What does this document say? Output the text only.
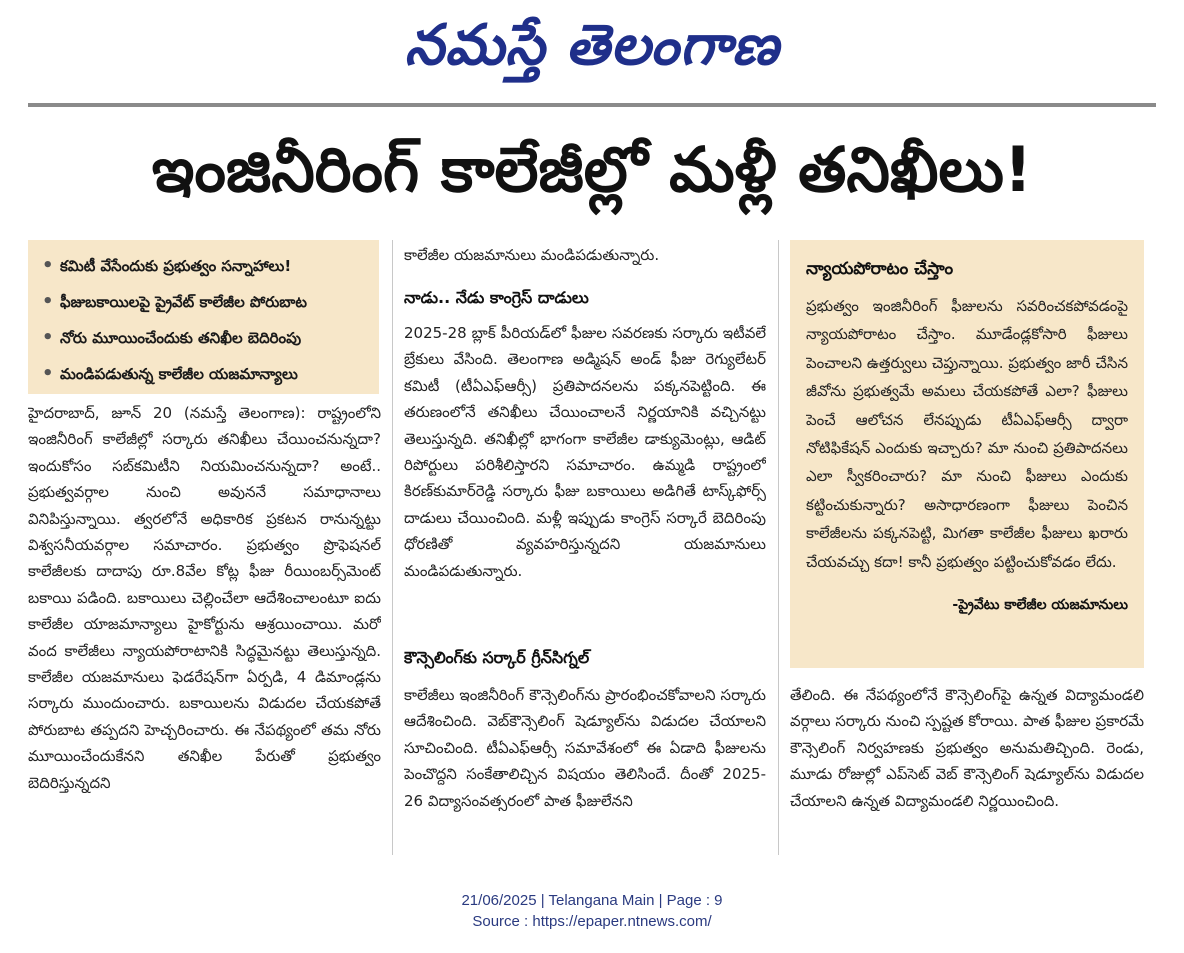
నమస్తే తెలంగాణ
ఇంజినీరింగ్ కాలేజీల్లో మళ్లీ తనిఖీలు!
• కమిటీ వేసేందుకు ప్రభుత్వం సన్నాహాలు!
• ఫీజుబకాయిలపై ప్రైవేట్ కాలేజీల పోరుబాట
• నోరు మూయించేందుకు తనిఖీల బెదిరింపు
• మండిపడుతున్న కాలేజీల యజమాన్యాలు

హైదరాబాద్, జూన్ 20 (నమస్తే తెలంగాణ): రాష్ట్రంలోని ఇంజినీరింగ్ కాలేజీల్లో సర్కారు తనిఖీలు చేయించనున్నదా? ఇందుకోసం సబ్‌కమిటీని నియమించనున్నదా? అంటే.. ప్రభుత్వవర్గాల నుంచి అవుననే సమాధానాలు వినిపిస్తున్నాయి. త్వరలోనే అధికారిక ప్రకటన రానున్నట్టు విశ్వసనీయవర్గాల సమాచారం. ప్రభుత్వం ప్రొఫెషనల్ కాలేజీలకు దాదాపు రూ.8వేల కోట్ల ఫీజు రీయింబర్స్‌మెంట్ బకాయి పడింది. బకాయిలు చెల్లించేలా ఆదేశించాలంటూ ఐదు కాలేజీల యాజమాన్యాలు హైకోర్టును ఆశ్రయించాయి. మరో వంద కాలేజీలు న్యాయపోరాటానికి సిద్ధమైనట్టు తెలుస్తున్నది. కాలేజీల యజమానులు ఫెడరేషన్‌గా ఏర్పడి, 4 డిమాండ్లను సర్కారు ముందుంచారు. బకాయిలను విడుదల చేయకపోతే పోరుబాట తప్పదని హెచ్చరించారు. ఈ నేపథ్యంలో తమ నోరు మూయించేందుకేనని తనిఖీల పేరుతో ప్రభుత్వం బెదిరిస్తున్నదని

కాలేజీల యజమానులు మండిపడుతున్నారు.

నాడు.. నేడు కాంగ్రెస్ దాడులు

2025-28 బ్లాక్ పీరియడ్‌లో ఫీజుల సవరణకు సర్కారు ఇటీవలే బ్రేకులు వేసింది. తెలంగాణ అడ్మిషన్ అండ్ ఫీజు రెగ్యులేటర్ కమిటీ (టీఏఎఫ్‌ఆర్సీ) ప్రతిపాదనలను పక్కనపెట్టింది. ఈ తరుణంలోనే తనిఖీలు చేయించాలనే నిర్ణయానికి వచ్చినట్టు తెలుస్తున్నది. తనిఖీల్లో భాగంగా కాలేజీల డాక్యుమెంట్లు, ఆడిట్ రిపోర్టులు పరిశీలిస్తారని సమాచారం. ఉమ్మడి రాష్ట్రంలో కిరణ్‌కుమార్‌రెడ్డి సర్కారు ఫీజు బకాయిలు అడిగితే టాస్క్‌ఫోర్స్ దాడులు చేయించింది. మళ్లీ ఇప్పుడు కాంగ్రెస్ సర్కారే బెదిరింపు ధోరణితో వ్యవహరిస్తున్నదని యజమానులు మండిపడుతున్నారు.

కౌన్సెలింగ్‌కు సర్కార్ గ్రీన్‌సిగ్నల్

కాలేజీలు ఇంజినీరింగ్ కౌన్సెలింగ్‌ను ప్రారంభించకోవాలని సర్కారు ఆదేశించింది. వెబ్‌కౌన్సెలింగ్ షెడ్యూల్‌ను విడుదల చేయాలని సూచించింది. టీఏఎఫ్‌ఆర్సీ సమావేశంలో ఈ ఏడాది ఫీజులను పెంచొద్దని సంకేతాలిచ్చిన విషయం తెలిసిందే. దీంతో 2025- 26 విద్యాసంవత్సరంలో పాత ఫీజులేనని

న్యాయపోరాటం చేస్తాం
ప్రభుత్వం ఇంజినీరింగ్ ఫీజులను సవరించకపోవడంపై న్యాయపోరాటం చేస్తాం. మూడేండ్లకోసారి ఫీజులు పెంచాలని ఉత్తర్వులు చెప్తున్నాయి. ప్రభుత్వం జారీ చేసిన జీవోను ప్రభుత్వమే అమలు చేయకపోతే ఎలా? ఫీజులు పెంచే ఆలోచన లేనప్పుడు టీఏఎఫ్‌ఆర్సీ ద్వారా నోటిఫికేషన్ ఎందుకు ఇచ్చారు? మా నుంచి ప్రతిపాదనలు ఎలా స్వీకరించారు? మా నుంచి ఫీజులు ఎందుకు కట్టించుకున్నారు? అసాధారణంగా ఫీజులు పెంచిన కాలేజీలను పక్కనపెట్టి, మిగతా కాలేజీల ఫీజులు ఖరారు చేయవచ్చు కదా! కానీ ప్రభుత్వం పట్టించుకోవడం లేదు.
-ప్రైవేటు కాలేజీల యజమానులు

తేలింది. ఈ నేపథ్యంలోనే కౌన్సెలింగ్‌పై ఉన్నత విద్యామండలి వర్గాలు సర్కారు నుంచి స్పష్టత కోరాయి. పాత ఫీజుల ప్రకారమే కౌన్సెలింగ్ నిర్వహణకు ప్రభుత్వం అనుమతిచ్చింది. రెండు, మూడు రోజుల్లో ఎప్‌సెట్ వెబ్ కౌన్సెలింగ్ షెడ్యూల్‌ను విడుదల చేయాలని ఉన్నత విద్యామండలి నిర్ణయించింది.

21/06/2025 | Telangana Main | Page : 9
Source : https://epaper.ntnews.com/
